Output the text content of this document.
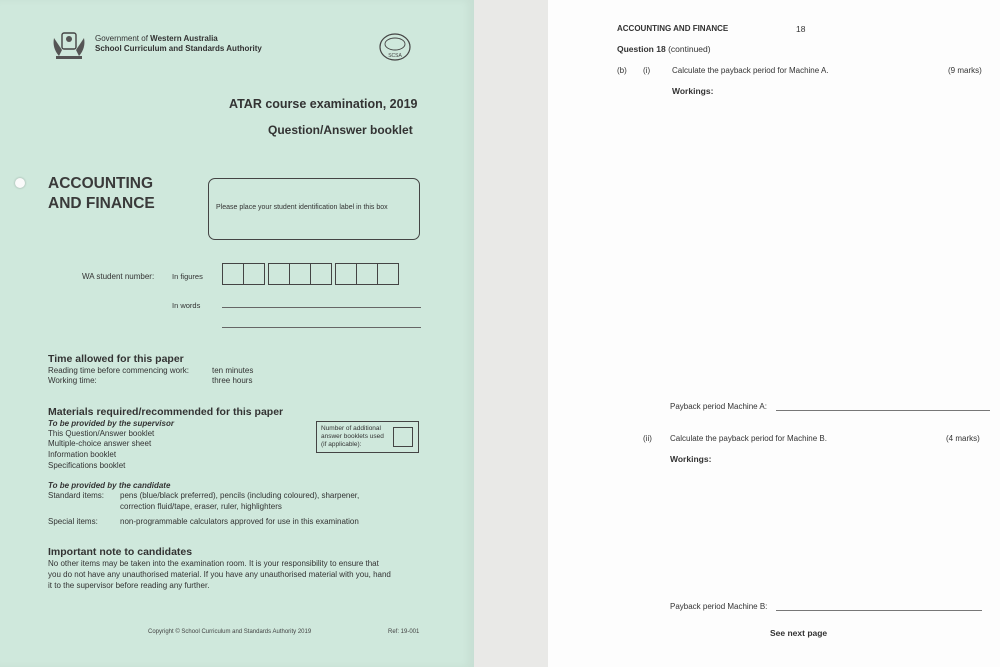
Government of Western Australia
School Curriculum and Standards Authority
SCSA
ATAR course examination, 2019
Question/Answer booklet
ACCOUNTING
AND FINANCE	Please place your student identification label in this box
WA student number: In figures
In words
Time allowed for this paper
Reading time before commencing work:	ten minutes
Working time:	three hours
Materials required/recommended for this paper
To be provided by the supervisor
This Question/Answer booklet
Multiple-choice answer sheet
Information booklet
Specifications booklet
Number of additional answer booklets used (if applicable):
To be provided by the candidate
Standard items: pens (blue/black preferred), pencils (including coloured), sharpener,
correction fluid/tape, eraser, ruler, highlighters
Special items:	non-programmable calculators approved for use in this examination
Important note to candidates
No other items may be taken into the examination room. It is your responsibility to ensure that
you do not have any unauthorised material. If you have any unauthorised material with you, hand
it to the supervisor before reading any further.
Copyright © School Curriculum and Standards Authority 2019	Ref: 19-001
ACCOUNTING AND FINANCE	18
Question 18 (continued)
(b) (i)	Calculate the payback period for Machine A.	(9 marks)
Workings:
Payback period Machine A:
(ii) Calculate the payback period for Machine B.	(4 marks)
Workings:
Payback period Machine B:
See next page
